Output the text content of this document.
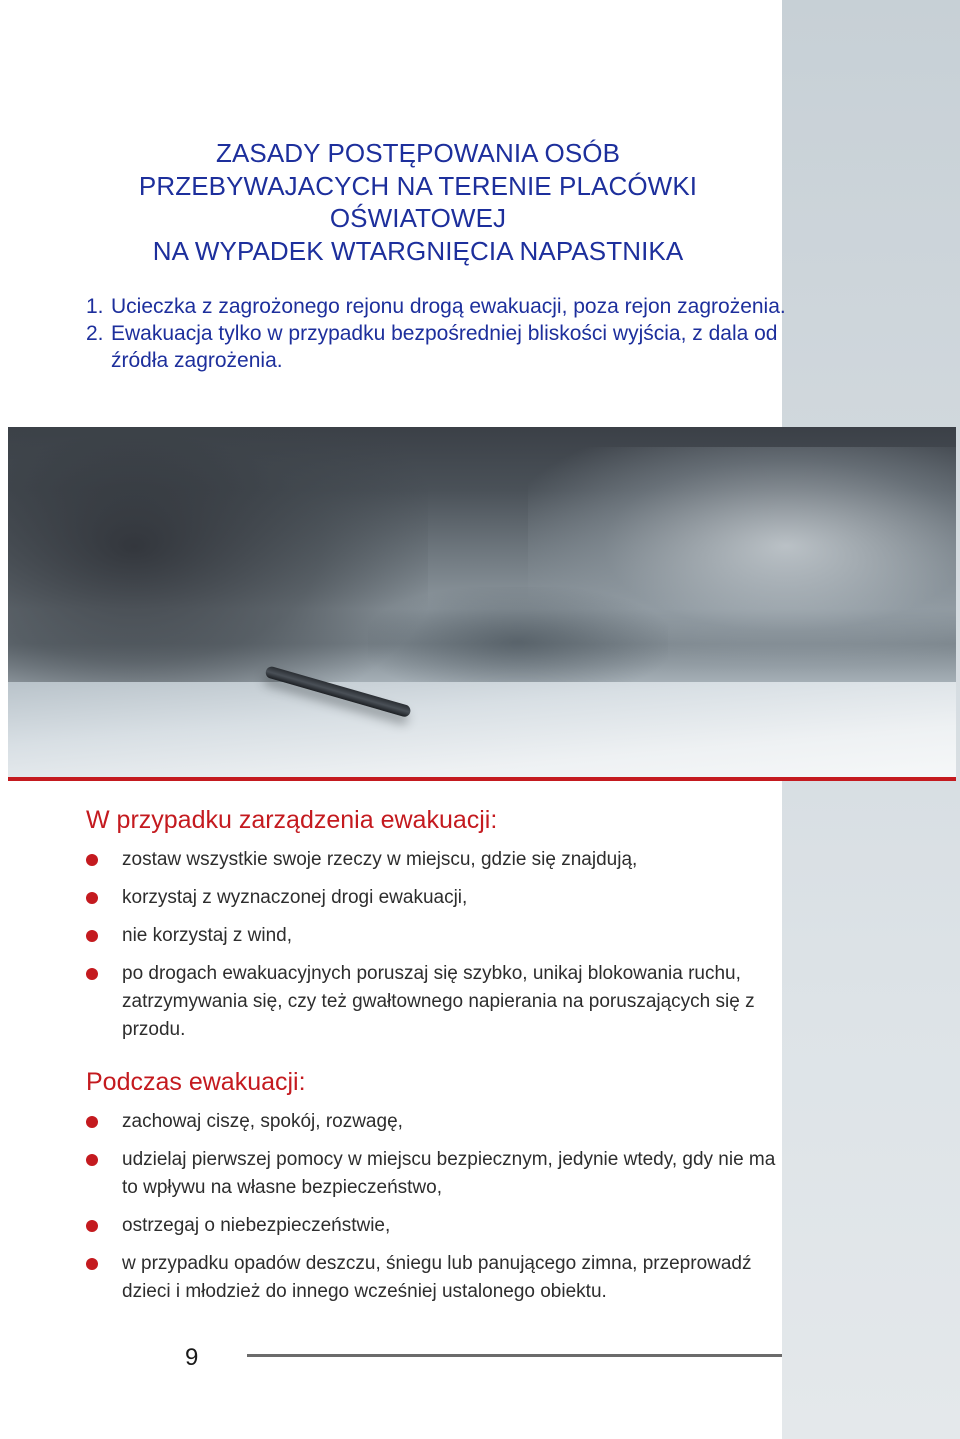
ZASADY POSTĘPOWANIA OSÓB
PRZEBYWAJACYCH NA TERENIE PLACÓWKI
OŚWIATOWEJ
NA WYPADEK WTARGNIĘCIA NAPASTNIKA
1. Ucieczka z zagrożonego rejonu drogą ewakuacji, poza rejon zagrożenia.
2. Ewakuacja tylko w przypadku bezpośredniej bliskości wyjścia, z dala od źródła zagrożenia.
W przypadku zarządzenia ewakuacji:
zostaw wszystkie swoje rzeczy w miejscu, gdzie się znajdują,
korzystaj z wyznaczonej drogi ewakuacji,
nie korzystaj z wind,
po drogach ewakuacyjnych poruszaj się szybko, unikaj blokowania ruchu, zatrzymywania się, czy też gwałtownego napierania na poruszających się z przodu.
Podczas ewakuacji:
zachowaj ciszę, spokój, rozwagę,
udzielaj pierwszej pomocy w miejscu bezpiecznym, jedynie wtedy, gdy nie ma to wpływu na własne bezpieczeństwo,
ostrzegaj o niebezpieczeństwie,
w przypadku opadów deszczu, śniegu lub panującego zimna, przeprowadź dzieci i młodzież do innego wcześniej ustalonego obiektu.
9
